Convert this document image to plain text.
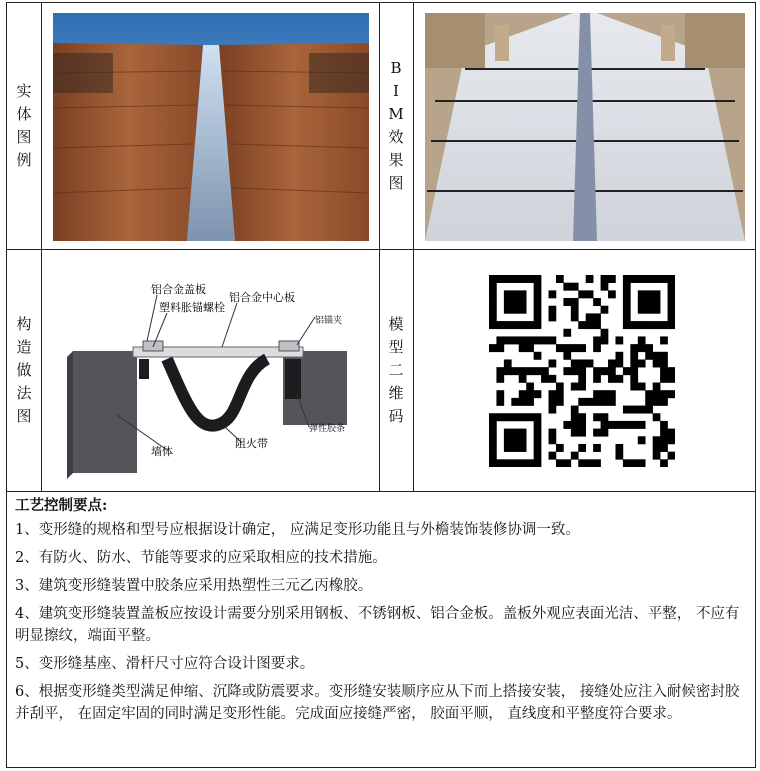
实
体
图
例
B
I
M
效
果
图
构
造
做
法
图
模
型
二
维
码
铝合金盖板
塑料胀锚螺栓
铝合金中心板
铝锚夹
墙体
阻火带
弹性胶条
工艺控制要点:

1、变形缝的规格和型号应根据设计确定， 应满足变形功能且与外檐装饰装修协调一致。

2、有防火、防水、节能等要求的应采取相应的技术措施。

3、建筑变形缝装置中胶条应采用热塑性三元乙丙橡胶。

4、建筑变形缝装置盖板应按设计需要分别采用钢板、不锈钢板、铝合金板。盖板外观应表面光洁、平整， 不应有明显擦纹，端面平整。

5、变形缝基座、滑杆尺寸应符合设计图要求。

6、根据变形缝类型满足伸缩、沉降或防震要求。变形缝安装顺序应从下而上搭接安装， 接缝处应注入耐候密封胶并刮平， 在固定牢固的同时满足变形性能。完成面应接缝严密， 胶面平顺， 直线度和平整度符合要求。
